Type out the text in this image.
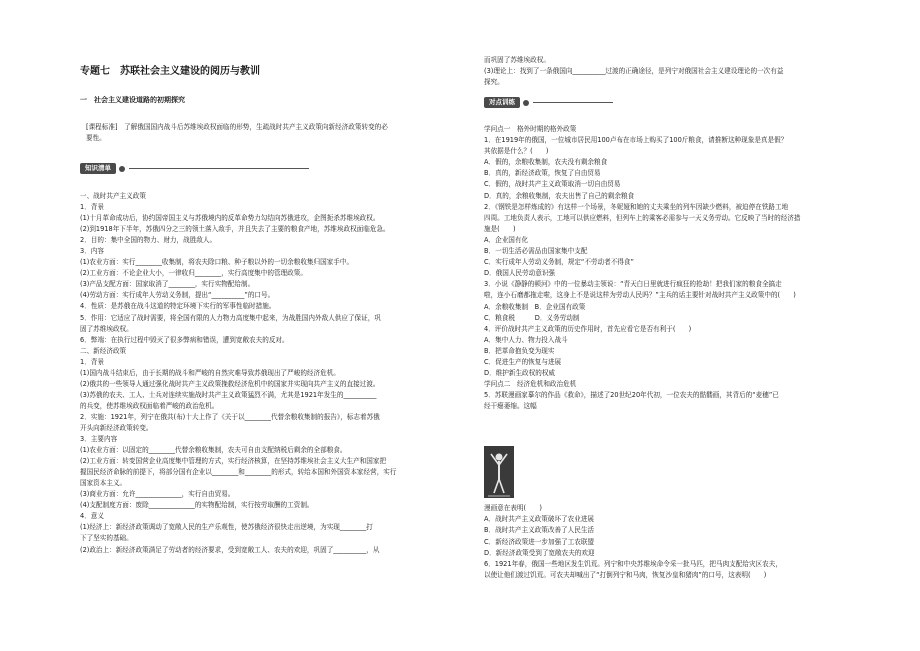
专题七　苏联社会主义建设的阅历与教训
一　社会主义建设道路的初期探究
[课程标准]　了解俄国国内战斗后苏维埃政权面临的形势，生疏战时共产主义政策向新经济政策转变的必
要性。
知识清单
一、战时共产主义政策
1．背景
(1)十月革命成功后，协约国帝国主义与苏俄境内的反革命势力勾结向苏俄进攻，企图扼杀苏维埃政权。
(2)到1918年下半年，苏俄四分之三的领土落入敌手，并且失去了主要的粮食产地，苏维埃政权面临危急。
2．目的：集中全国的物力、财力，战胜敌人。
3．内容
(1)农业方面：实行________收集制，将农夫除口粮、种子粮以外的一切余粮收集归国家手中。
(2)工业方面：不论企业大小，一律收归________，实行高度集中的管理政策。
(3)产品支配方面：国家取消了________，实行实物配给制。
(4)劳动方面：实行成年人劳动义务制，提出“__________”的口号。
4．性质：是苏俄在战斗这道的特定环境下实行的军事性临时措施。
5．作用：它适应了战时需要，将全国有限的人力物力高度集中起来，为战胜国内外敌人供应了保证，巩
固了苏维埃政权。
6．弊端：在执行过程中毁灭了很多弊病和错误，遭到宽敞农夫的反对。
二、新经济政策
1．背景
(1)国内战斗结束后，由于长期的战斗和严峻的自然灾难导致苏俄现出了严峻的经济危机。
(2)俄共的一些领导人通过强化战时共产主义政策挽救经济危机中的国家并实现向共产主义的直接过渡。
(3)苏俄的农夫、工人、士兵对连续实施战时共产主义政策猛烈不满，尤其是1921年发生的__________
的兵变，使苏维埃政权面临着严峻的政治危机。
2．实施：1921年，列宁在俄共(布)十大上作了《关于以________代替余粮收集制的报告》，标志着苏俄
开头向新经济政策转变。
3．主要内容
(1)农业方面：以固定的________代替余粮收集制，农夫可自由支配纳税后剩余的全部粮食。
(2)工业方面：转变国营企业高度集中管理的方式，实行经济核算，在坚持苏维埃社会主义大生产和国家把
握国民经济命脉的前提下，将部分国有企业以________和________的形式，转给本国和外国资本家经营，实行
国家资本主义。
(3)商业方面：允许______________，实行自由贸易。
(4)支配制度方面：废除______________的实物配给制，实行按劳取酬的工资制。
4．意义
(1)经济上：新经济政策调动了宽敞人民的生产乐观性，使苏俄经济很快走出逆境，为实现________打
下了坚实的基础。
(2)政治上：新经济政策满足了劳动者的经济要求，受到宽敞工人、农夫的欢迎，巩固了__________，从
而巩固了苏维埃政权。
(3)理论上：找到了一条俄国向__________过渡的正确途径，是列宁对俄国社会主义建设理论的一次有益
探究。
对点训练
学问点一　格外时期的格外政策
1．在1919年的俄国，一位城市居民用100卢布在市场上购买了100斤粮食，请推断这种现象是真是假？
其依据是什么？(　　)
A．假的，余粮收集制，农夫没有剩余粮食
B．真的，新经济政策，恢复了自由贸易
C．假的，战时共产主义政策取消一切自由贸易
D．真的，余粮收集制，农夫出售了自己的剩余粮食
2．《钢铁是怎样炼成的》有这样一个场景，冬妮娅和她的丈夫乘坐的列车因缺少燃料，被迫停在铁路工地
四周。工地负责人表示，工地可以供应燃料，但列车上的乘客必需参与一天义务劳动。它反映了当时的经济措
施是(　　)
A．企业国有化
B．一切生活必需品由国家集中支配
C．实行成年人劳动义务制，规定“不劳动者不得食”
D．俄国人民劳动意识强
3．小说《静静的顿河》中的一位暴动主领说：“青天白日里就进行疯狂的抢劫！把我们家的粮食全搞走
啦，连小石磨都拖走啦，这身上不是说这样为劳动人民吗？”主兵的话主要针对战时共产主义政策中的(　　)
A．余粮收集制　B．企业国有政策
C．粮食税　　　D．义务劳动制
4．评价战时共产主义政策的历史作用时，首先应看它是否有利于(　　)
A．集中人力、物力投入战斗
B．把革命抱负变为现实
C．促进生产的恢复与进展
D．维护新生政权的权威
学问点二　经济危机和政治危机
5．苏联漫画家摹尔的作品《救命》，描述了20世纪20年代初，一位农夫的骷髅画，其背后的“麦穗”已
经干瘪萎缩。这幅
漫画意在表明(　　)
A．战时共产主义政策破坏了农业进展
B．战时共产主义政策改善了人民生活
C．新经济政策进一步加强了工农联盟
D．新经济政策受到了宽敞农夫的欢迎
6．1921年春，俄国一些地区发生饥荒。列宁和中央苏维埃命令采一批马匹，把马肉支配给灾区农夫，
以使让他们渡过饥荒。可农夫却喊出了“打倒列宁和马肉，恢复沙皇和猪肉”的口号，这表明(　　)
